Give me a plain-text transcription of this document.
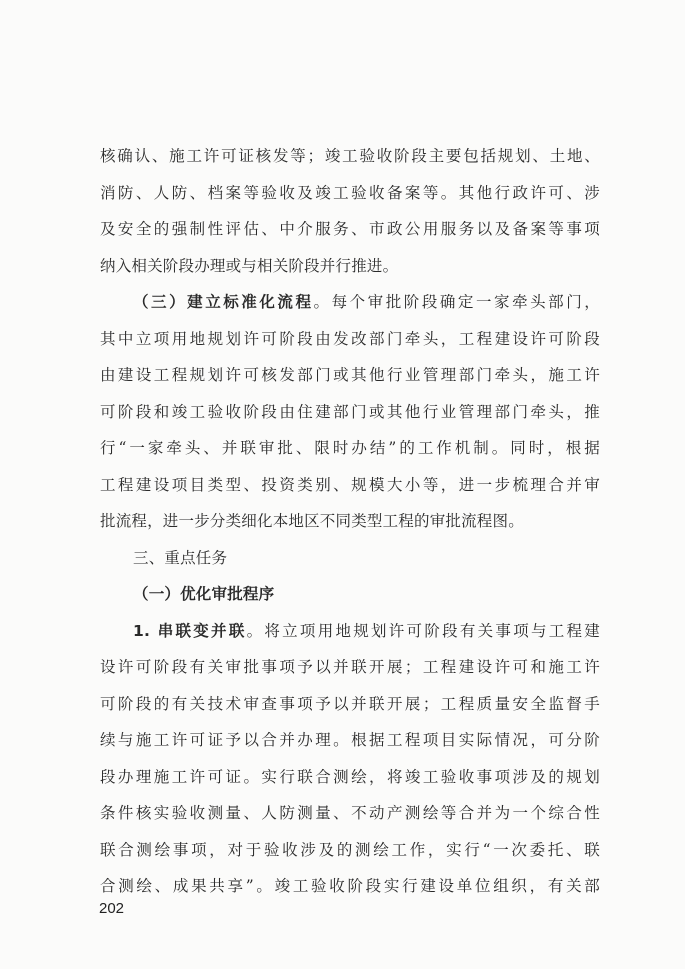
核确认、施工许可证核发等；竣工验收阶段主要包括规划、土地、
消防、人防、档案等验收及竣工验收备案等。其他行政许可、涉
及安全的强制性评估、中介服务、市政公用服务以及备案等事项
纳入相关阶段办理或与相关阶段并行推进。
（三）建立标准化流程。每个审批阶段确定一家牵头部门，
其中立项用地规划许可阶段由发改部门牵头，工程建设许可阶段
由建设工程规划许可核发部门或其他行业管理部门牵头，施工许
可阶段和竣工验收阶段由住建部门或其他行业管理部门牵头，推
行“一家牵头、并联审批、限时办结”的工作机制。同时，根据
工程建设项目类型、投资类别、规模大小等，进一步梳理合并审
批流程，进一步分类细化本地区不同类型工程的审批流程图。
三、重点任务
（一）优化审批程序
1. 串联变并联。将立项用地规划许可阶段有关事项与工程建
设许可阶段有关审批事项予以并联开展；工程建设许可和施工许
可阶段的有关技术审查事项予以并联开展；工程质量安全监督手
续与施工许可证予以合并办理。根据工程项目实际情况，可分阶
段办理施工许可证。实行联合测绘，将竣工验收事项涉及的规划
条件核实验收测量、人防测量、不动产测绘等合并为一个综合性
联合测绘事项，对于验收涉及的测绘工作，实行“一次委托、联
合测绘、成果共享”。竣工验收阶段实行建设单位组织，有关部
202
